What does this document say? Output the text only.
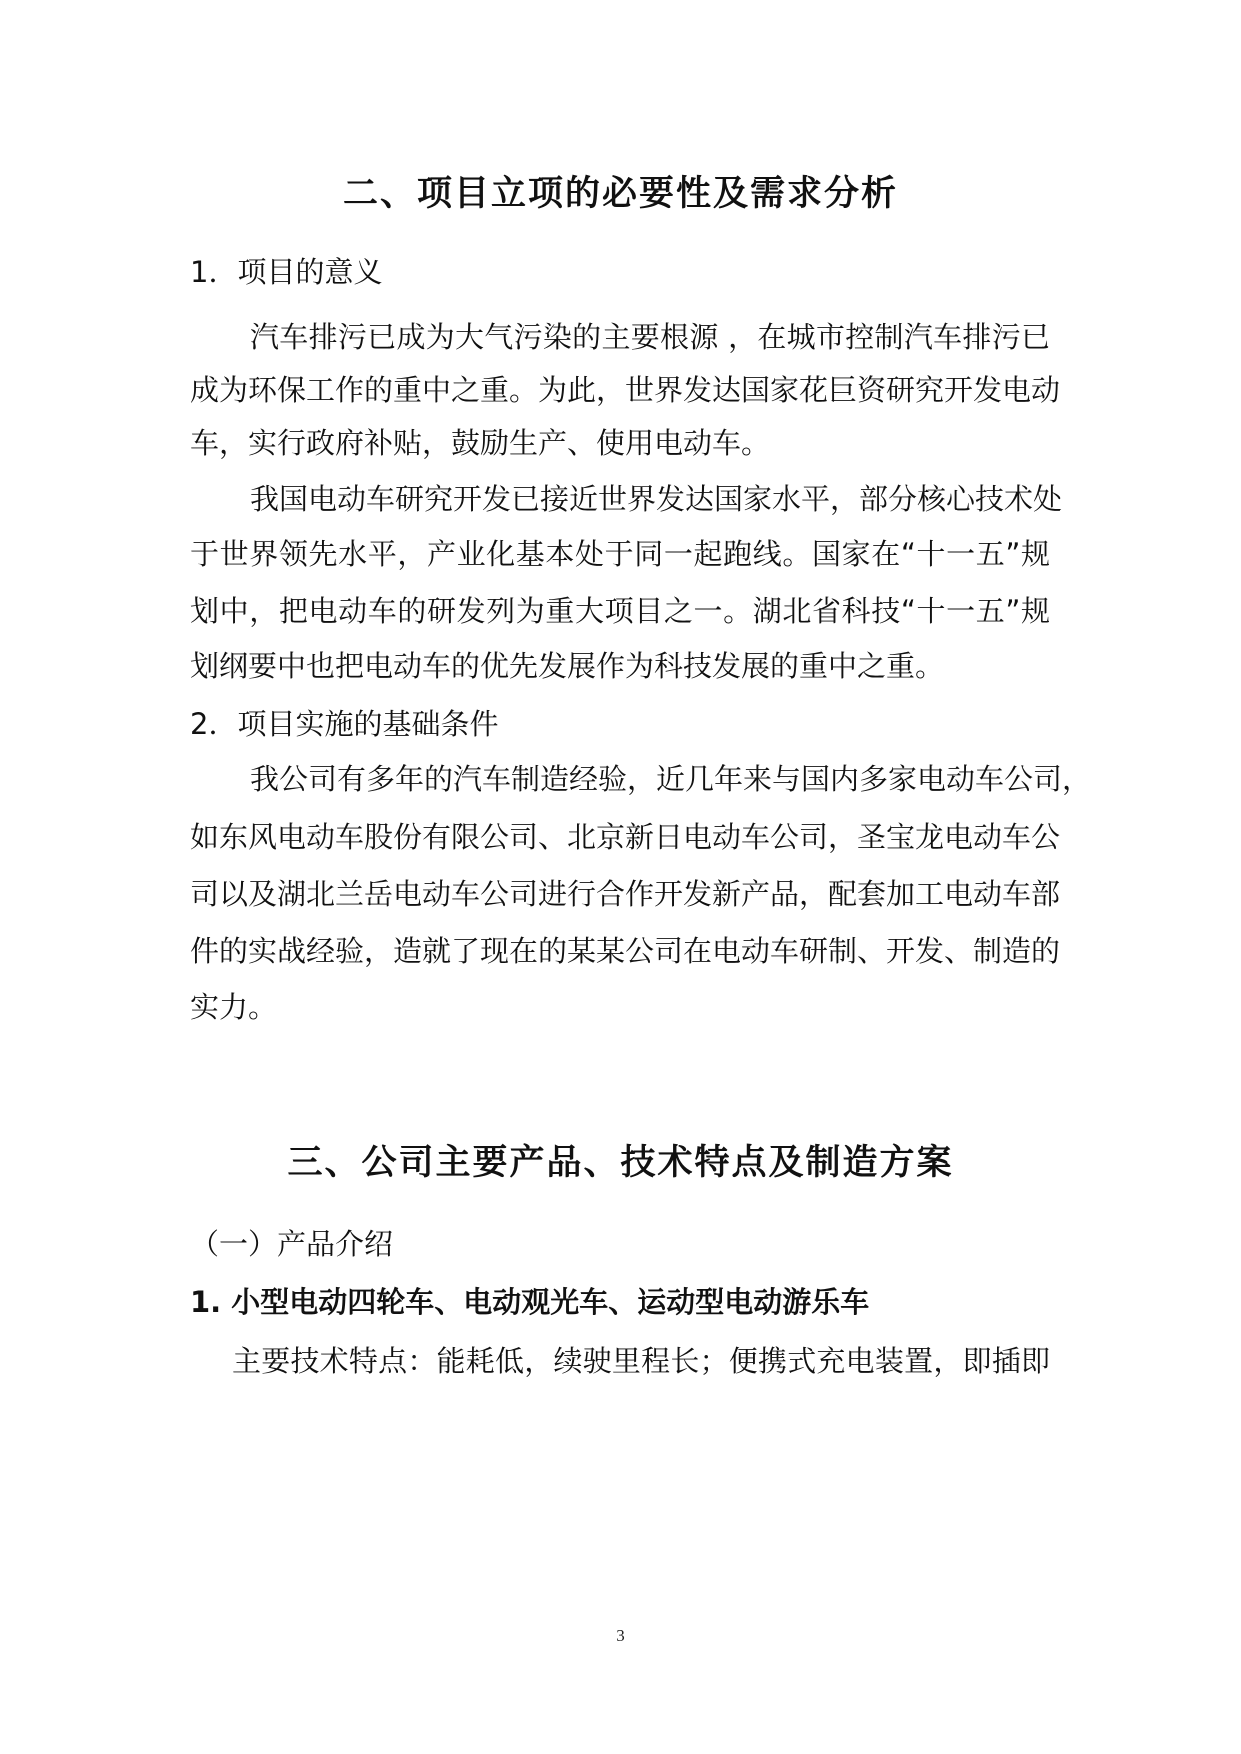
二、项目立项的必要性及需求分析
1．项目的意义
汽车排污已成为大气污染的主要根源 ，在城市控制汽车排污已
成为环保工作的重中之重。为此，世界发达国家花巨资研究开发电动
车，实行政府补贴，鼓励生产、使用电动车。
我国电动车研究开发已接近世界发达国家水平，部分核心技术处
于世界领先水平，产业化基本处于同一起跑线。国家在“十一五”规
划中，把电动车的研发列为重大项目之一。湖北省科技“十一五”规
划纲要中也把电动车的优先发展作为科技发展的重中之重。
2．项目实施的基础条件
我公司有多年的汽车制造经验，近几年来与国内多家电动车公司，
如东风电动车股份有限公司、北京新日电动车公司，圣宝龙电动车公
司以及湖北兰岳电动车公司进行合作开发新产品，配套加工电动车部
件的实战经验，造就了现在的某某公司在电动车研制、开发、制造的
实力。
三、公司主要产品、技术特点及制造方案
（一）产品介绍
1. 小型电动四轮车、电动观光车、运动型电动游乐车
主要技术特点：能耗低，续驶里程长；便携式充电装置，即插即
3
